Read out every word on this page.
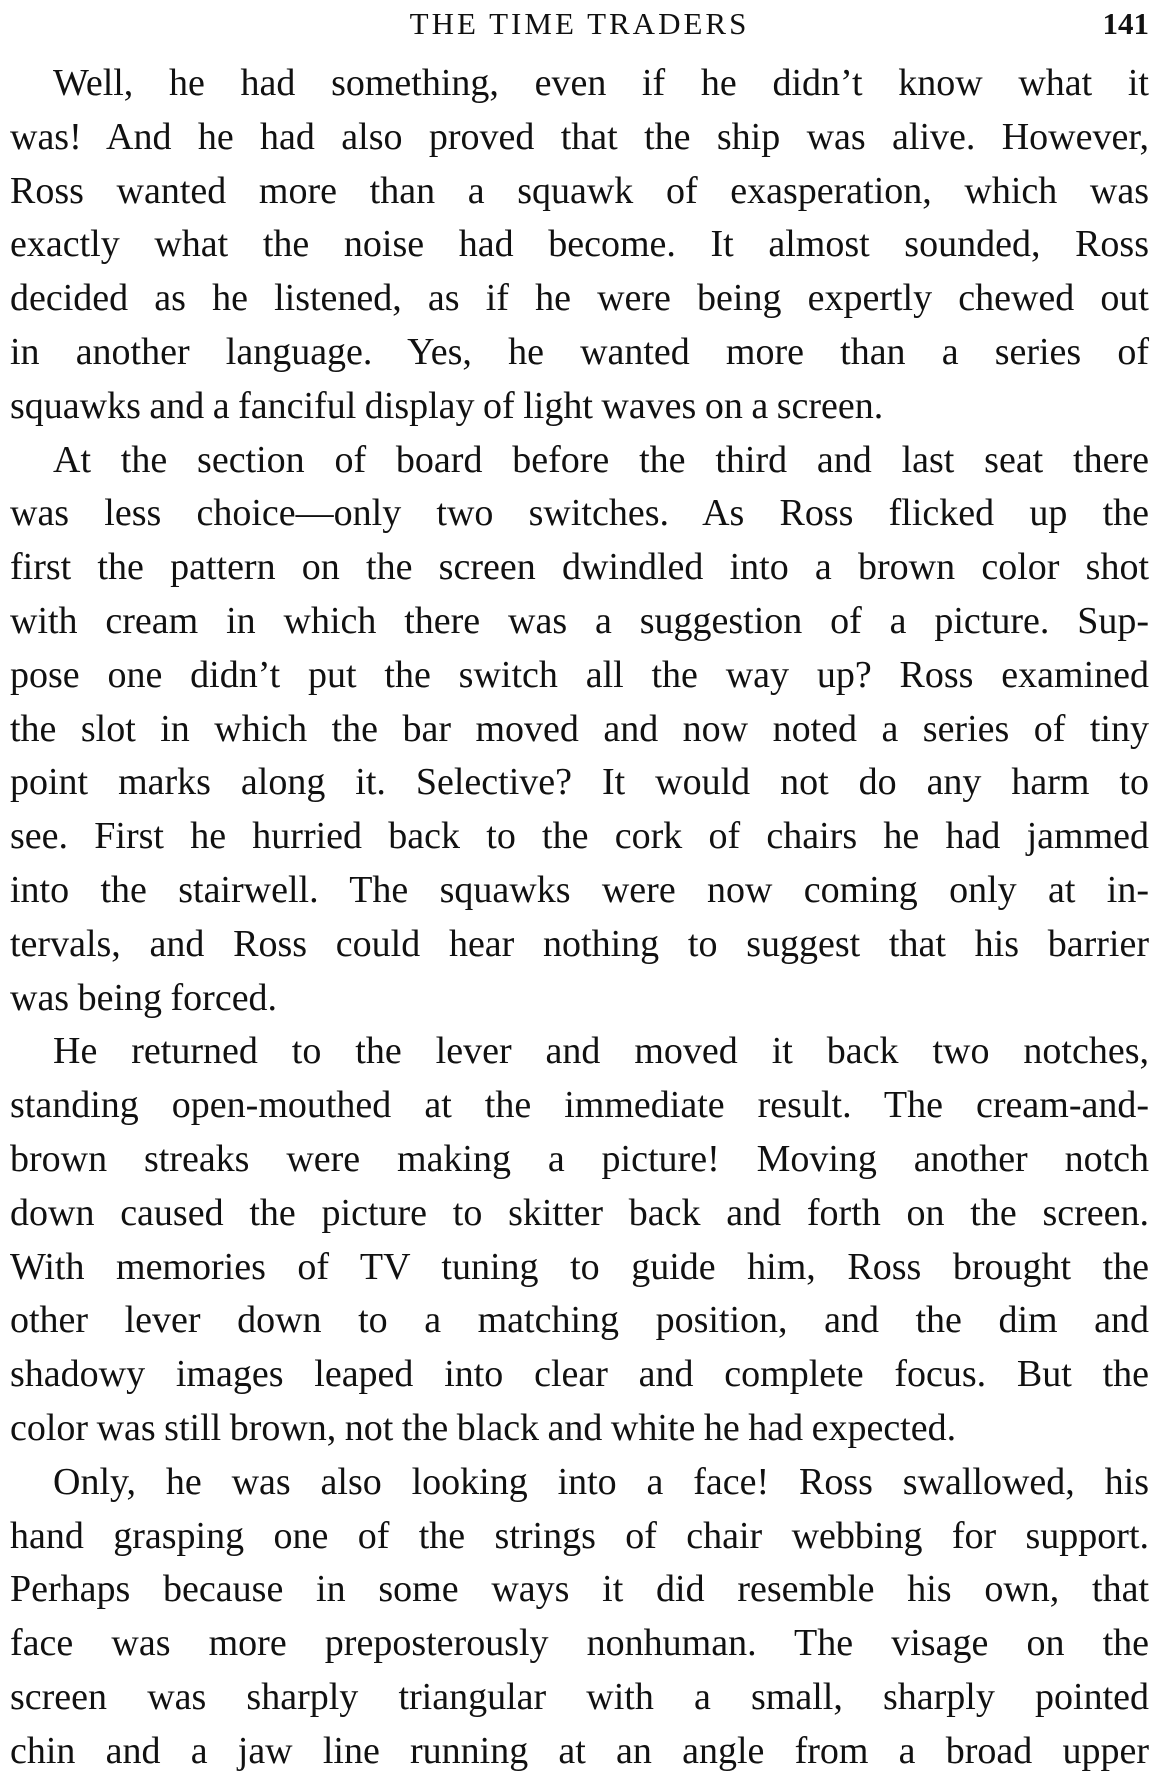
THE TIME TRADERS	141

Well, he had something, even if he didn’t know what it
was! And he had also proved that the ship was alive. However,
Ross wanted more than a squawk of exasperation, which was
exactly what the noise had become. It almost sounded, Ross
decided as he listened, as if he were being expertly chewed out
in another language. Yes, he wanted more than a series of
squawks and a fanciful display of light waves on a screen.

At the section of board before the third and last seat there
was less choice—only two switches. As Ross flicked up the
first the pattern on the screen dwindled into a brown color shot
with cream in which there was a suggestion of a picture. Sup-
pose one didn’t put the switch all the way up? Ross examined
the slot in which the bar moved and now noted a series of tiny
point marks along it. Selective? It would not do any harm to
see. First he hurried back to the cork of chairs he had jammed
into the stairwell. The squawks were now coming only at in-
tervals, and Ross could hear nothing to suggest that his barrier
was being forced.

He returned to the lever and moved it back two notches,
standing open-mouthed at the immediate result. The cream-and-
brown streaks were making a picture! Moving another notch
down caused the picture to skitter back and forth on the screen.
With memories of TV tuning to guide him, Ross brought the
other lever down to a matching position, and the dim and
shadowy images leaped into clear and complete focus. But the
color was still brown, not the black and white he had expected.

Only, he was also looking into a face! Ross swallowed, his
hand grasping one of the strings of chair webbing for support.
Perhaps because in some ways it did resemble his own, that
face was more preposterously nonhuman. The visage on the
screen was sharply triangular with a small, sharply pointed
chin and a jaw line running at an angle from a broad upper
